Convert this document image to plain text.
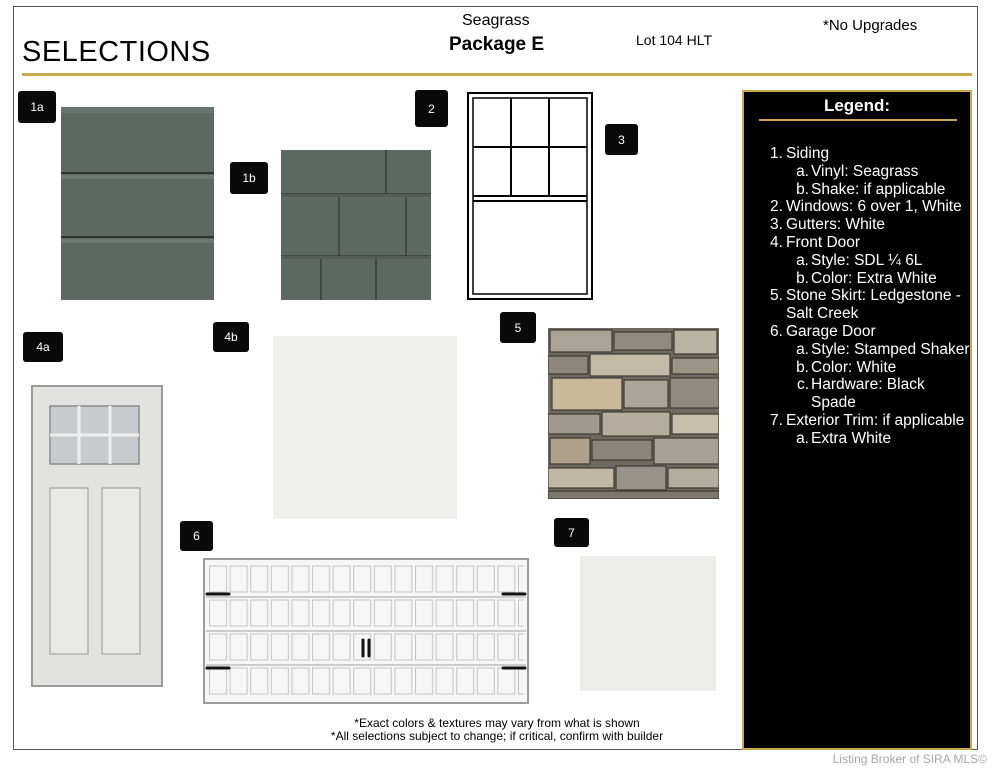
Seagrass
Package E	Lot 104 HLT
*No Upgrades
SELECTIONS
1a
1b
2
3
4a
4b
5
6	7
Legend:
1. Siding
a. Vinyl: Seagrass
b. Shake: if applicable
2. Windows: 6 over 1, White
3. Gutters: White
4. Front Door
a. Style: SDL ¼ 6L
b. Color: Extra White
5. Stone Skirt: Ledgestone - Salt Creek
6. Garage Door
a. Style: Stamped Shaker
b. Color: White
c. Hardware: Black Spade
7. Exterior Trim: if applicable
a. Extra White
*Exact colors & textures may vary from what is shown
*All selections subject to change; if critical, confirm with builder
Listing Broker of SIRA MLS©
